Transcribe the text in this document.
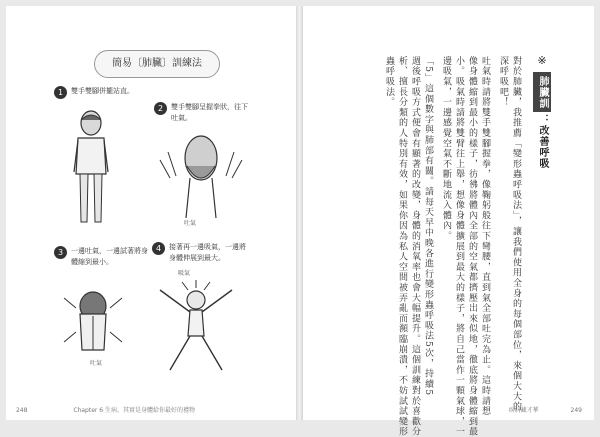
簡易〔肺臟〕訓練法
1	雙手雙腳併攏站直。
2	雙手雙腳呈握拳狀，往下吐氣。
吐氣
3	一邊吐氣，一邊試著將身體縮到最小。
吐氣
4	接著再一邊吸氣，一邊將身體伸展到最大。
吸氣
248	Chapter 6 生病、其實是身體給你最好的禮物
※
肺臟訓練
：改善呼吸
對於肺臟，我推薦「變形蟲呼吸法」，讓我們使用全身的每個部位，來個大大的
深呼吸吧！
吐氣時請將雙手雙腳握拳，像鞠躬般往下彎腰，直到氣全部吐完為止。這時請想
像身體縮到最小的樣子，彷彿將體內全部的空氣都擠壓出來似地，徹底將身體縮到最
小。吸氣時請將雙臂往上舉，想像身體擴展到最大的樣子，將自己當作一顆氣球，一
邊吸氣，一邊感覺空氣不斷地流入體內。
「5」這個數字與肺部有關。請每天早中晚各進行變形蟲呼吸法5次，持續5
週後呼吸方式便會有顯著的改變，身體的消氧率也會大幅提升。這個訓練對於喜歡分
析、擅長分類的人特別有效，如果你因為私人空間被弄亂而瀕臨崩潰，不妨試試變形
蟲呼吸法。
疾病藏才華	249
